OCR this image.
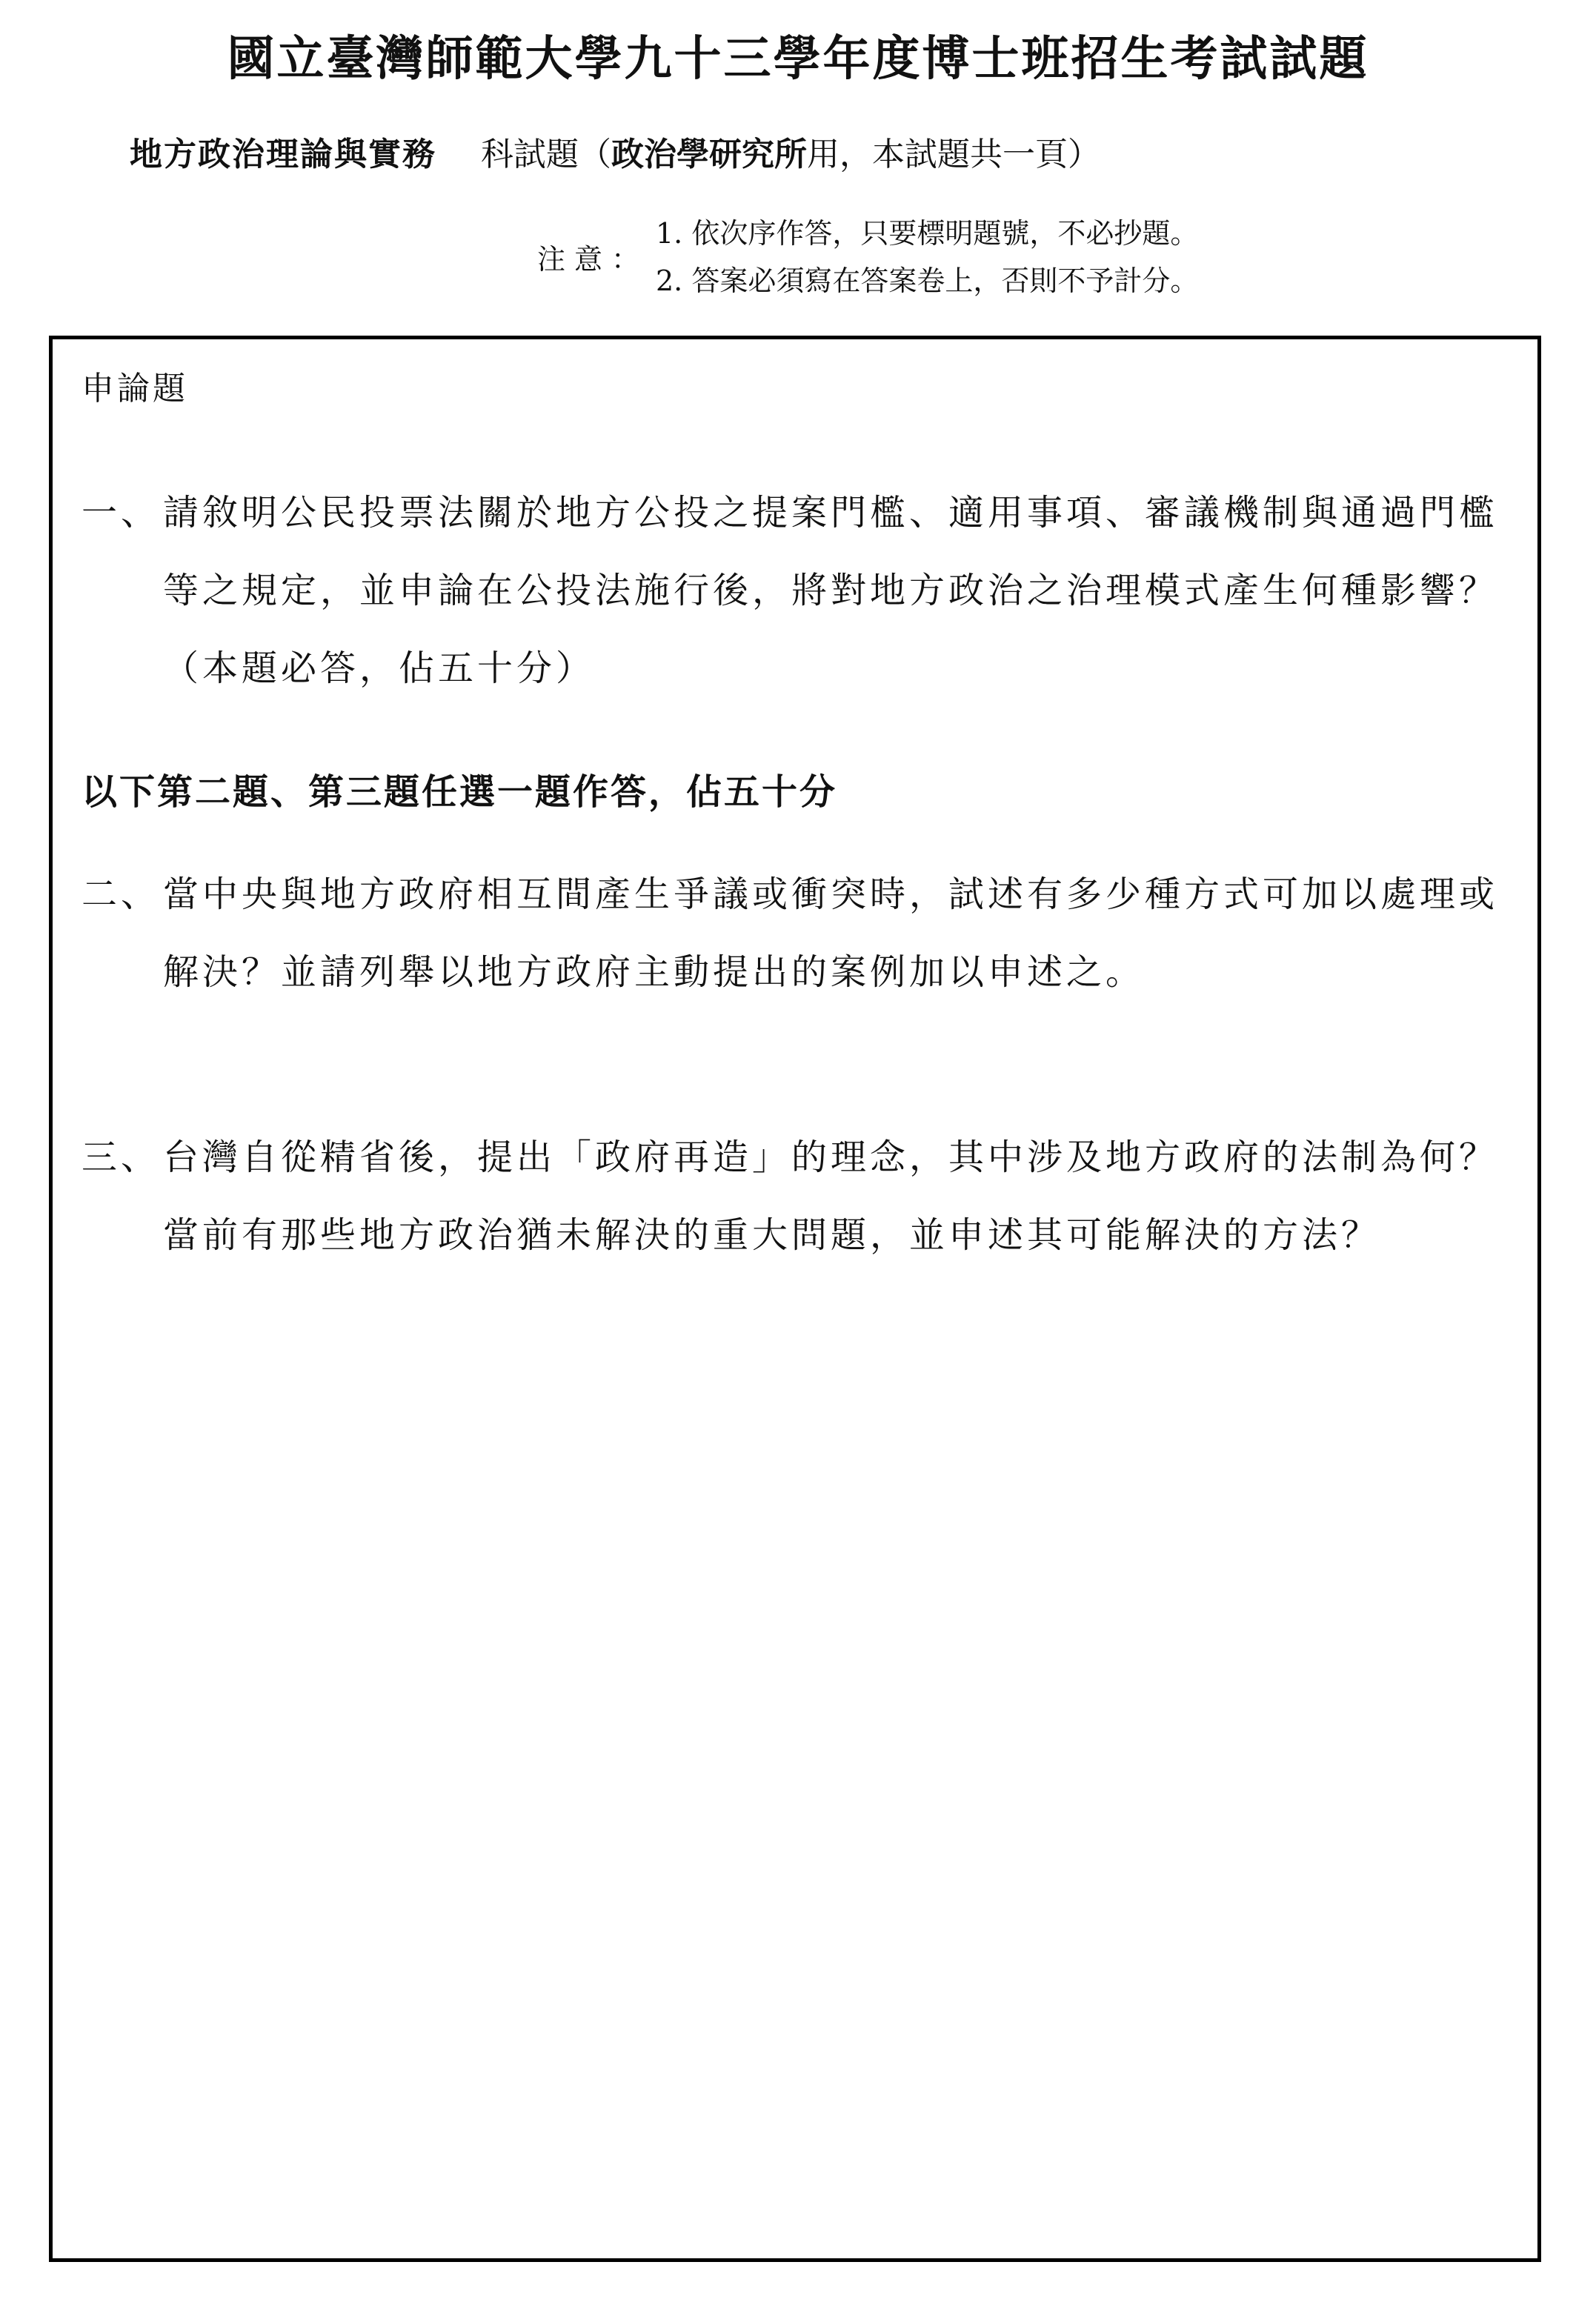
國立臺灣師範大學九十三學年度博士班招生考試試題
地方政治理論與實務 科試題（政治學研究所用，本試題共一頁）
注意：
1. 依次序作答，只要標明題號，不必抄題。
2. 答案必須寫在答案卷上，否則不予計分。
申論題
一、 請敘明公民投票法關於地方公投之提案門檻、適用事項、審議機制與通過門檻等之規定，並申論在公投法施行後，將對地方政治之治理模式產生何種影響？（本題必答，佔五十分）
以下第二題、第三題任選一題作答，佔五十分
二、 當中央與地方政府相互間產生爭議或衝突時，試述有多少種方式可加以處理或解決？並請列舉以地方政府主動提出的案例加以申述之。
三、 台灣自從精省後，提出「政府再造」的理念，其中涉及地方政府的法制為何？當前有那些地方政治猶未解決的重大問題，並申述其可能解決的方法？
